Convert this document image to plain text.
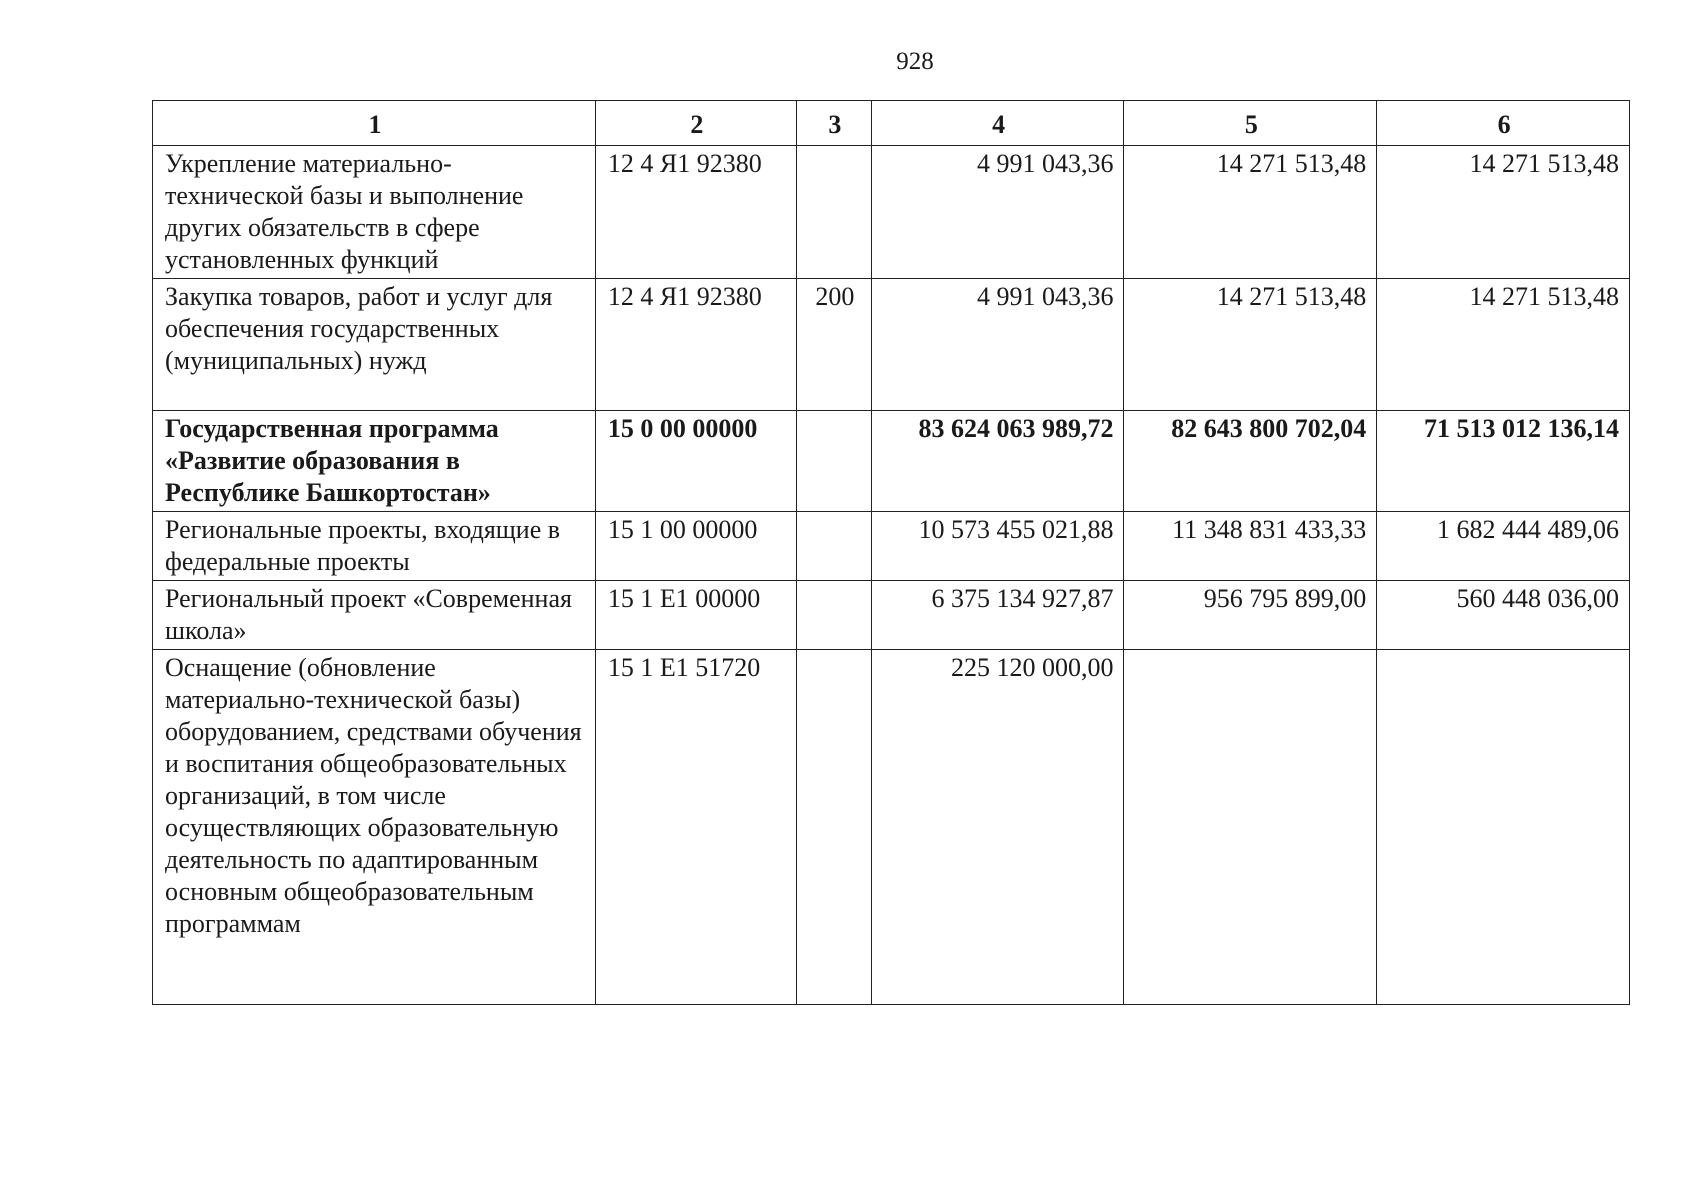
928
1	2	3	4	5	6
Укрепление материально-технической базы и выполнение других обязательств в сфере установленных функций	12 4 Я1 92380		4 991 043,36	14 271 513,48	14 271 513,48
Закупка товаров, работ и услуг для обеспечения государственных (муниципальных) нужд	12 4 Я1 92380	200	4 991 043,36	14 271 513,48	14 271 513,48
Государственная программа «Развитие образования в Республике Башкортостан»	15 0 00 00000		83 624 063 989,72	82 643 800 702,04	71 513 012 136,14
Региональные проекты, входящие в федеральные проекты	15 1 00 00000		10 573 455 021,88	11 348 831 433,33	1 682 444 489,06
Региональный проект «Современная школа»	15 1 E1 00000		6 375 134 927,87	956 795 899,00	560 448 036,00
Оснащение (обновление материально-технической базы) оборудованием, средствами обучения и воспитания общеобразовательных организаций, в том числе осуществляющих образовательную деятельность по адаптированным основным общеобразовательным программам	15 1 E1 51720		225 120 000,00		
